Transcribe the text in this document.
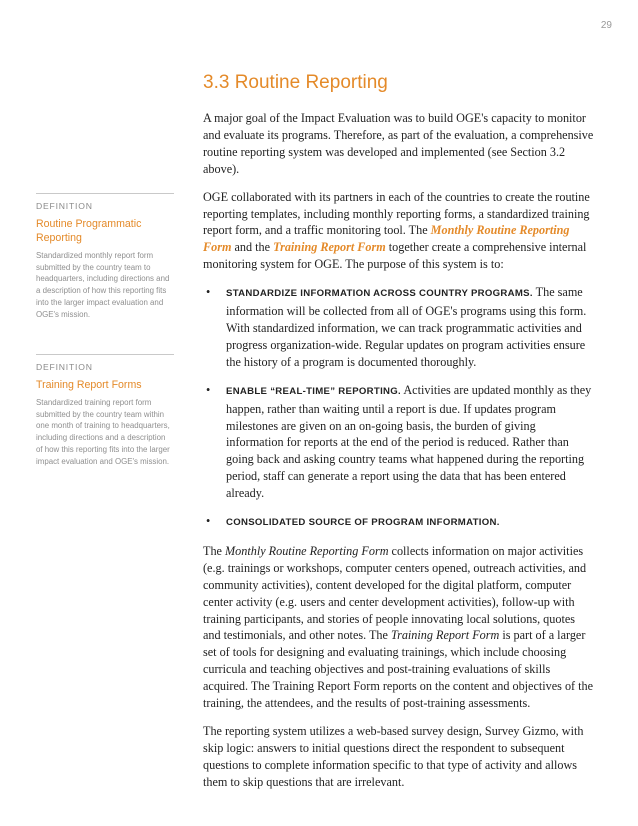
29
3.3 Routine Reporting
DEFINITION
Routine Programmatic Reporting
Standardized monthly report form submitted by the country team to headquarters, including directions and a description of how this reporting fits into the larger impact evaluation and OGE's mission.
DEFINITION
Training Report Forms
Standardized training report form submitted by the country team within one month of training to headquarters, including directions and a description of how this reporting fits into the larger impact evaluation and OGE's mission.

A major goal of the Impact Evaluation was to build OGE's capacity to monitor and evaluate its programs. Therefore, as part of the evaluation, a comprehensive routine reporting system was developed and implemented (see Section 3.2 above).

OGE collaborated with its partners in each of the countries to create the routine reporting templates, including monthly reporting forms, a standardized training report form, and a traffic monitoring tool. The Monthly Routine Reporting Form and the Training Report Form together create a comprehensive internal monitoring system for OGE. The purpose of this system is to:

• STANDARDIZE INFORMATION ACROSS COUNTRY PROGRAMS. The same information will be collected from all of OGE's programs using this form. With standardized information, we can track programmatic activities and progress organization-wide. Regular updates on program activities ensure the history of a program is documented thoroughly.
• ENABLE “REAL-TIME” REPORTING. Activities are updated monthly as they happen, rather than waiting until a report is due. If updates program milestones are given on an on-going basis, the burden of giving information for reports at the end of the period is reduced. Rather than going back and asking country teams what happened during the reporting period, staff can generate a report using the data that has been entered already.
• CONSOLIDATED SOURCE OF PROGRAM INFORMATION.

The Monthly Routine Reporting Form collects information on major activities (e.g. trainings or workshops, computer centers opened, outreach activities, and community activities), content developed for the digital platform, computer center activity (e.g. users and center development activities), follow-up with training participants, and stories of people innovating local solutions, quotes and testimonials, and other notes. The Training Report Form is part of a larger set of tools for designing and evaluating trainings, which include choosing curricula and teaching objectives and post-training evaluations of skills acquired. The Training Report Form reports on the content and objectives of the training, the attendees, and the results of post-training assessments.

The reporting system utilizes a web-based survey design, Survey Gizmo, with skip logic: answers to initial questions direct the respondent to subsequent questions to complete information specific to that type of activity and allows them to skip questions that are irrelevant.
